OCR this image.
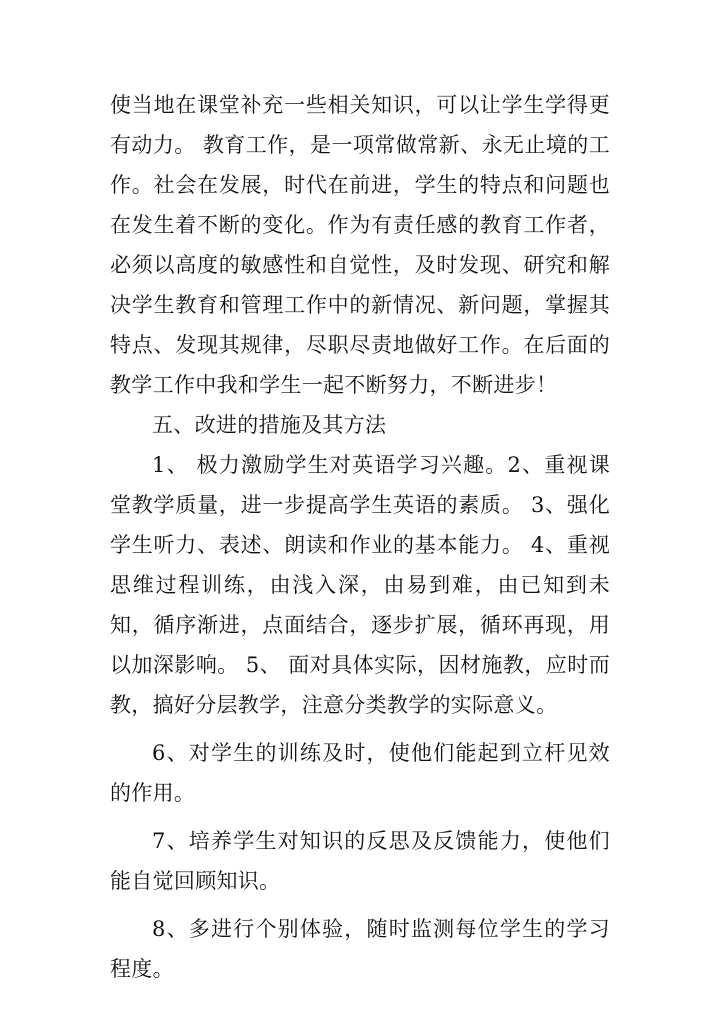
使当地在课堂补充一些相关知识，可以让学生学得更有动力。 教育工作，是一项常做常新、永无止境的工作。社会在发展，时代在前进，学生的特点和问题也在发生着不断的变化。作为有责任感的教育工作者，必须以高度的敏感性和自觉性，及时发现、研究和解决学生教育和管理工作中的新情况、新问题，掌握其特点、发现其规律，尽职尽责地做好工作。在后面的教学工作中我和学生一起不断努力，不断进步！

五、改进的措施及其方法

1、 极力激励学生对英语学习兴趣。2、重视课堂教学质量，进一步提高学生英语的素质。 3、强化学生听力、表述、朗读和作业的基本能力。 4、重视思维过程训练，由浅入深，由易到难，由已知到未知，循序渐进，点面结合，逐步扩展，循环再现，用以加深影响。 5、 面对具体实际，因材施教，应时而教，搞好分层教学，注意分类教学的实际意义。

6、对学生的训练及时，使他们能起到立杆见效的作用。

7、培养学生对知识的反思及反馈能力，使他们能自觉回顾知识。

8、多进行个别体验，随时监测每位学生的学习程度。
